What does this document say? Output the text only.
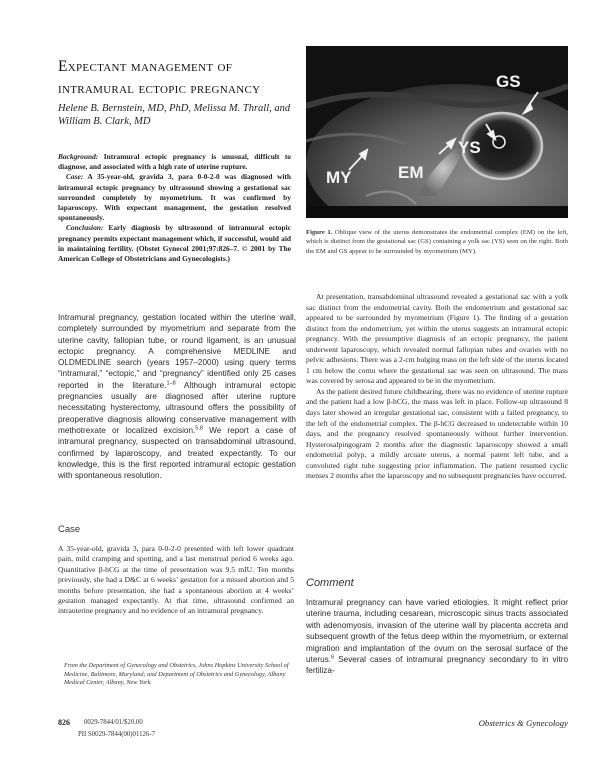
Expectant management of intramural ectopic pregnancy
Helene B. Bernstein, MD, PhD, Melissa M. Thrall, and William B. Clark, MD

Background: Intramural ectopic pregnancy is unusual, difficult to diagnose, and associated with a high rate of uterine rupture.

Case: A 35-year-old, gravida 3, para 0-0-2-0 was diagnosed with intramural ectopic pregnancy by ultrasound showing a gestational sac surrounded completely by myometrium. It was confirmed by laparoscopy. With expectant management, the gestation resolved spontaneously.

Conclusion: Early diagnosis by ultrasound of intramural ectopic pregnancy permits expectant management which, if successful, would aid in maintaining fertility. (Obstet Gynecol 2001;97:826–7. © 2001 by The American College of Obstetricians and Gynecologists.)

Intramural pregnancy, gestation located within the uterine wall, completely surrounded by myometrium and separate from the uterine cavity, fallopian tube, or round ligament, is an unusual ectopic pregnancy. A comprehensive MEDLINE and OLDMEDLINE search (years 1957–2000) using query terms “intramural,” “ectopic,” and “pregnancy” identified only 25 cases reported in the literature.$^{1-8}$ Although intramural ectopic pregnancies usually are diagnosed after uterine rupture necessitating hysterectomy, ultrasound offers the possibility of preoperative diagnosis allowing conservative management with methotrexate or localized excision.$^{5,8}$ We report a case of intramural pregnancy, suspected on transabdominal ultrasound, confirmed by laparoscopy, and treated expectantly. To our knowledge, this is the first reported intramural ectopic gestation with spontaneous resolution.

Case

A 35-year-old, gravida 3, para 0-0-2-0 presented with left lower quadrant pain, mild cramping and spotting, and a last menstrual period 6 weeks ago. Quantitative β-hCG at the time of presentation was 9.5 mIU. Ten months previously, she had a D&C at 6 weeks’ gestation for a missed abortion and 5 months before presentation, she had a spontaneous abortion at 4 weeks’ gestation managed expectantly. At that time, ultrasound confirmed an intrauterine pregnancy and no evidence of an intramural pregnancy.

From the Department of Gynecology and Obstetrics, Johns Hopkins University School of Medicine, Baltimore, Maryland; and Department of Obstetrics and Gynecology, Albany Medical Center, Albany, New York.

826 0029-7844/01/$20.00
PII S0029-7844(00)01126-7
Obstetrics & Gynecology
GS
YS
EM
MY

Figure 1. Oblique view of the uterus demonstrates the endometrial complex (EM) on the left, which is distinct from the gestational sac (GS) containing a yolk sac (YS) seen on the right. Both the EM and GS appear to be surrounded by myometrium (MY).

At presentation, transabdominal ultrasound revealed a gestational sac with a yolk sac distinct from the endometrial cavity. Both the endometrium and gestational sac appeared to be surrounded by myometrium (Figure 1). The finding of a gestation distinct from the endometrium, yet within the uterus suggests an intramural ectopic pregnancy. With the presumptive diagnosis of an ectopic pregnancy, the patient underwent laparoscopy, which revealed normal fallopian tubes and ovaries with no pelvic adhesions. There was a 2-cm bulging mass on the left side of the uterus located 1 cm below the cornu where the gestational sac was seen on ultrasound. The mass was covered by serosa and appeared to be in the myometrium.

As the patient desired future childbearing, there was no evidence of uterine rupture and the patient had a low β-hCG, the mass was left in place. Follow-up ultrasound 8 days later showed an irregular gestational sac, consistent with a failed pregnancy, to the left of the endometrial complex. The β-hCG decreased to undetectable within 10 days, and the pregnancy resolved spontaneously without further intervention. Hysterosalpingogram 2 months after the diagnostic laparoscopy showed a small endometrial polyp, a mildly arcuate uterus, a normal patent left tube, and a convoluted right tube suggesting prior inflammation. The patient resumed cyclic menses 2 months after the laparoscopy and no subsequent pregnancies have occurred.

Comment

Intramural pregnancy can have varied etiologies. It might reflect prior uterine trauma, including cesarean, microscopic sinus tracts associated with adenomyosis, invasion of the uterine wall by placenta accreta and subsequent growth of the fetus deep within the myometrium, or external migration and implantation of the ovum on the serosal surface of the uterus.$^6$ Several cases of intramural pregnancy secondary to in vitro fertiliza-
